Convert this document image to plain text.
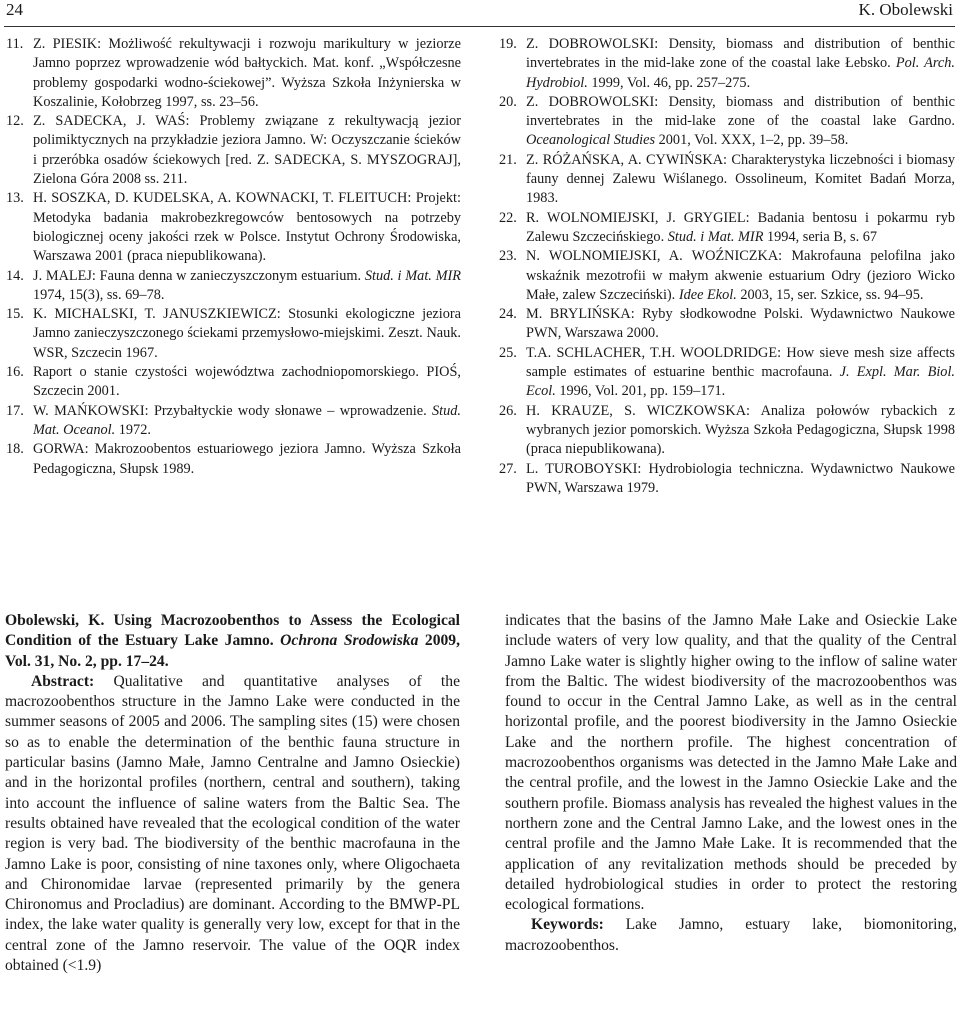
24	K. Obolewski
11. Z. PIESIK: Możliwość rekultywacji i rozwoju marikultury w jeziorze Jamno poprzez wprowadzenie wód bałtyckich. Mat. konf. „Współczesne problemy gospodarki wodno-ściekowej”. Wyższa Szkoła Inżynierska w Koszalinie, Kołobrzeg 1997, ss. 23–56.
12. Z. SADECKA, J. WAŚ: Problemy związane z rekultywacją jezior polimiktycznych na przykładzie jeziora Jamno. W: Oczyszczanie ścieków i przeróbka osadów ściekowych [red. Z. SADECKA, S. MYSZOGRAJ], Zielona Góra 2008 ss. 211.
13. H. SOSZKA, D. KUDELSKA, A. KOWNACKI, T. FLEITUCH: Projekt: Metodyka badania makrobezkregowców bentosowych na potrzeby biologicznej oceny jakości rzek w Polsce. Instytut Ochrony Środowiska, Warszawa 2001 (praca niepublikowana).
14. J. MALEJ: Fauna denna w zanieczyszczonym estuarium. Stud. i Mat. MIR 1974, 15(3), ss. 69–78.
15. K. MICHALSKI, T. JANUSZKIEWICZ: Stosunki ekologiczne jeziora Jamno zanieczyszczonego ściekami przemysłowo-miejskimi. Zeszt. Nauk. WSR, Szczecin 1967.
16. Raport o stanie czystości województwa zachodniopomorskiego. PIOŚ, Szczecin 2001.
17. W. MAŃKOWSKI: Przybałtyckie wody słonawe – wprowadzenie. Stud. Mat. Oceanol. 1972.
18. GORWA: Makrozoobentos estuariowego jeziora Jamno. Wyższa Szkoła Pedagogiczna, Słupsk 1989.
19. Z. DOBROWOLSKI: Density, biomass and distribution of benthic invertebrates in the mid-lake zone of the coastal lake Łebsko. Pol. Arch. Hydrobiol. 1999, Vol. 46, pp. 257–275.
20. Z. DOBROWOLSKI: Density, biomass and distribution of benthic invertebrates in the mid-lake zone of the coastal lake Gardno. Oceanological Studies 2001, Vol. XXX, 1–2, pp. 39–58.
21. Z. RÓŻAŃSKA, A. CYWIŃSKA: Charakterystyka liczebności i biomasy fauny dennej Zalewu Wiślanego. Ossolineum, Komitet Badań Morza, 1983.
22. R. WOLNOMIEJSKI, J. GRYGIEL: Badania bentosu i pokarmu ryb Zalewu Szczecińskiego. Stud. i Mat. MIR 1994, seria B, s. 67
23. N. WOLNOMIEJSKI, A. WOŹNICZKA: Makrofauna pelofilna jako wskaźnik mezotrofii w małym akwenie estuarium Odry (jezioro Wicko Małe, zalew Szczeciński). Idee Ekol. 2003, 15, ser. Szkice, ss. 94–95.
24. M. BRYLIŃSKA: Ryby słodkowodne Polski. Wydawnictwo Naukowe PWN, Warszawa 2000.
25. T.A. SCHLACHER, T.H. WOOLDRIDGE: How sieve mesh size affects sample estimates of estuarine benthic macrofauna. J. Expl. Mar. Biol. Ecol. 1996, Vol. 201, pp. 159–171.
26. H. KRAUZE, S. WICZKOWSKA: Analiza połowów rybackich z wybranych jezior pomorskich. Wyższa Szkoła Pedagogiczna, Słupsk 1998 (praca niepublikowana).
27. L. TUROBOYSKI: Hydrobiologia techniczna. Wydawnictwo Naukowe PWN, Warszawa 1979.
Obolewski, K. Using Macrozoobenthos to Assess the Ecological Condition of the Estuary Lake Jamno. Ochrona Srodowiska 2009, Vol. 31, No. 2, pp. 17–24.
Abstract: Qualitative and quantitative analyses of the macrozoobenthos structure in the Jamno Lake were conducted in the summer seasons of 2005 and 2006. The sampling sites (15) were chosen so as to enable the determination of the benthic fauna structure in particular basins (Jamno Małe, Jamno Centralne and Jamno Osieckie) and in the horizontal profiles (northern, central and southern), taking into account the influence of saline waters from the Baltic Sea. The results obtained have revealed that the ecological condition of the water region is very bad. The biodiversity of the benthic macrofauna in the Jamno Lake is poor, consisting of nine taxones only, where Oligochaeta and Chironomidae larvae (represented primarily by the genera Chironomus and Procladius) are dominant. According to the BMWP-PL index, the lake water quality is generally very low, except for that in the central zone of the Jamno reservoir. The value of the OQR index obtained (<1.9)
indicates that the basins of the Jamno Małe Lake and Osieckie Lake include waters of very low quality, and that the quality of the Central Jamno Lake water is slightly higher owing to the inflow of saline water from the Baltic. The widest biodiversity of the macrozoobenthos was found to occur in the Central Jamno Lake, as well as in the central horizontal profile, and the poorest biodiversity in the Jamno Osieckie Lake and the northern profile. The highest concentration of macrozoobenthos organisms was detected in the Jamno Małe Lake and the central profile, and the lowest in the Jamno Osieckie Lake and the southern profile. Biomass analysis has revealed the highest values in the northern zone and the Central Jamno Lake, and the lowest ones in the central profile and the Jamno Małe Lake. It is recommended that the application of any revitalization methods should be preceded by detailed hydrobiological studies in order to protect the restoring ecological formations.
Keywords: Lake Jamno, estuary lake, biomonitoring, macrozoobenthos.
